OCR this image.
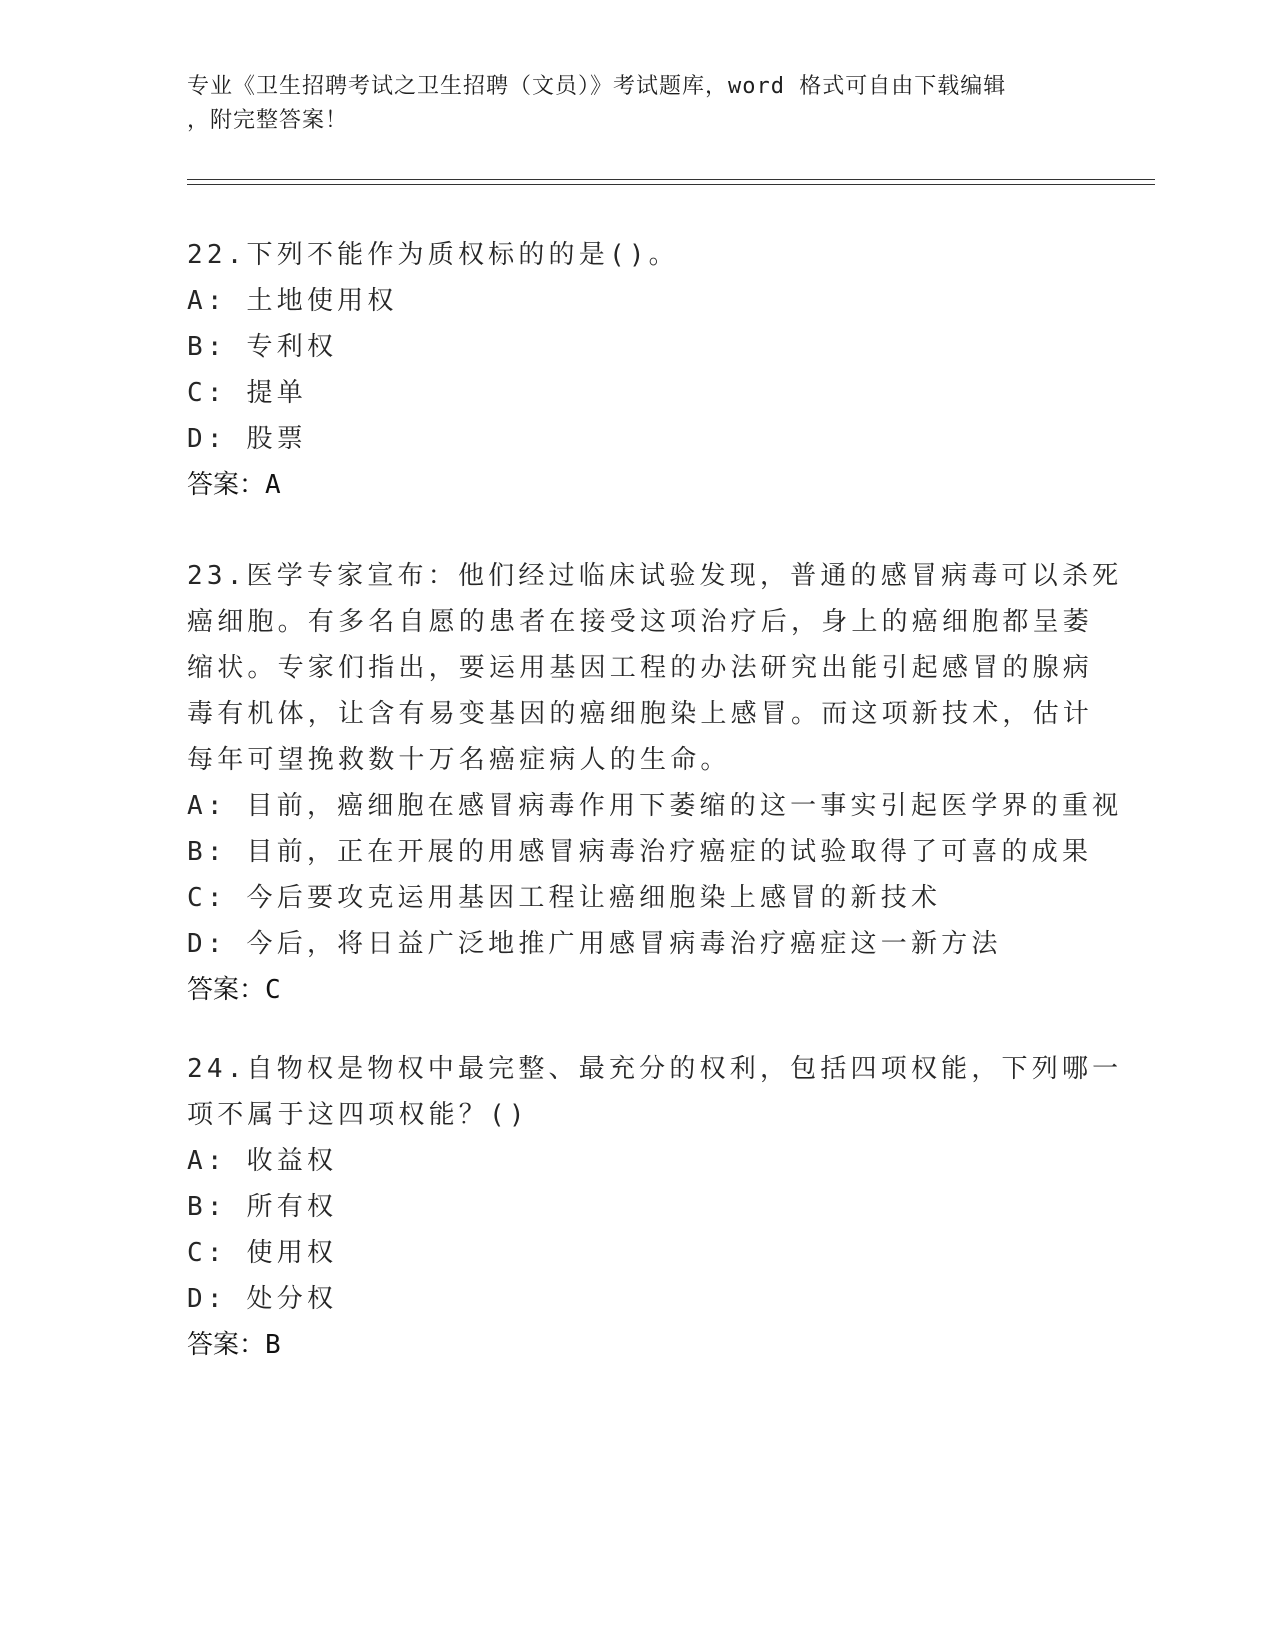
专业《卫生招聘考试之卫生招聘（文员）》考试题库，word 格式可自由下载编辑
，附完整答案！
22.下列不能作为质权标的的是()。
A: 土地使用权
B: 专利权
C: 提单
D: 股票
答案：A
23.医学专家宣布：他们经过临床试验发现，普通的感冒病毒可以杀死
癌细胞。有多名自愿的患者在接受这项治疗后，身上的癌细胞都呈萎
缩状。专家们指出，要运用基因工程的办法研究出能引起感冒的腺病
毒有机体，让含有易变基因的癌细胞染上感冒。而这项新技术，估计
每年可望挽救数十万名癌症病人的生命。
A: 目前，癌细胞在感冒病毒作用下萎缩的这一事实引起医学界的重视
B: 目前，正在开展的用感冒病毒治疗癌症的试验取得了可喜的成果
C: 今后要攻克运用基因工程让癌细胞染上感冒的新技术
D: 今后，将日益广泛地推广用感冒病毒治疗癌症这一新方法
答案：C
24.自物权是物权中最完整、最充分的权利，包括四项权能，下列哪一
项不属于这四项权能？()
A: 收益权
B: 所有权
C: 使用权
D: 处分权
答案：B
